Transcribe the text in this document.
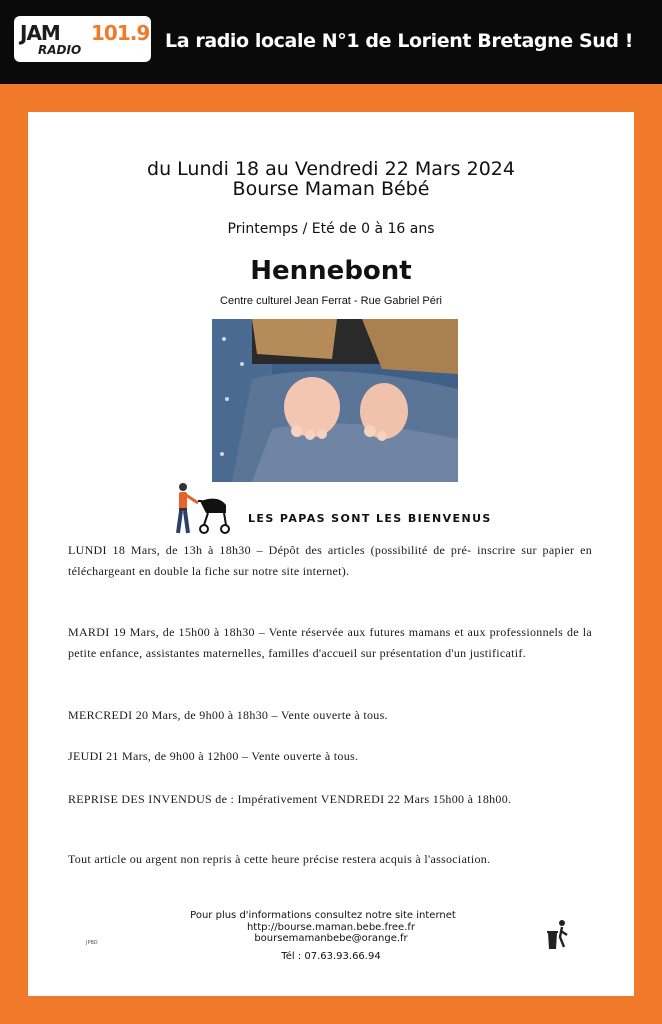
JAM 101.9
RADIO	La radio locale N°1 de Lorient Bretagne Sud !
du Lundi 18 au Vendredi 22 Mars 2024
Bourse Maman Bébé
Printemps / Eté de 0 à 16 ans
Hennebont
Centre culturel Jean Ferrat - Rue Gabriel Péri
LES PAPAS SONT LES BIENVENUS
LUNDI 18 Mars, de 13h à 18h30 – Dépôt des articles (possibilité de pré- inscrire sur papier en téléchargeant en double la fiche sur notre site internet).
MARDI 19 Mars, de 15h00 à 18h30 – Vente réservée aux futures mamans et aux professionnels de la petite enfance, assistantes maternelles, familles d'accueil sur présentation d'un justificatif.
MERCREDI 20 Mars, de 9h00 à 18h30 – Vente ouverte à tous.
JEUDI 21 Mars, de 9h00 à 12h00 – Vente ouverte à tous.
REPRISE DES INVENDUS de : Impérativement VENDREDI 22 Mars 15h00 à 18h00.
Tout article ou argent non repris à cette heure précise restera acquis à l'association.
Pour plus d'informations consultez notre site internet
http://bourse.maman.bebe.free.fr
boursemamanbebe@orange.fr
Tél : 07.63.93.66.94
JPBD
